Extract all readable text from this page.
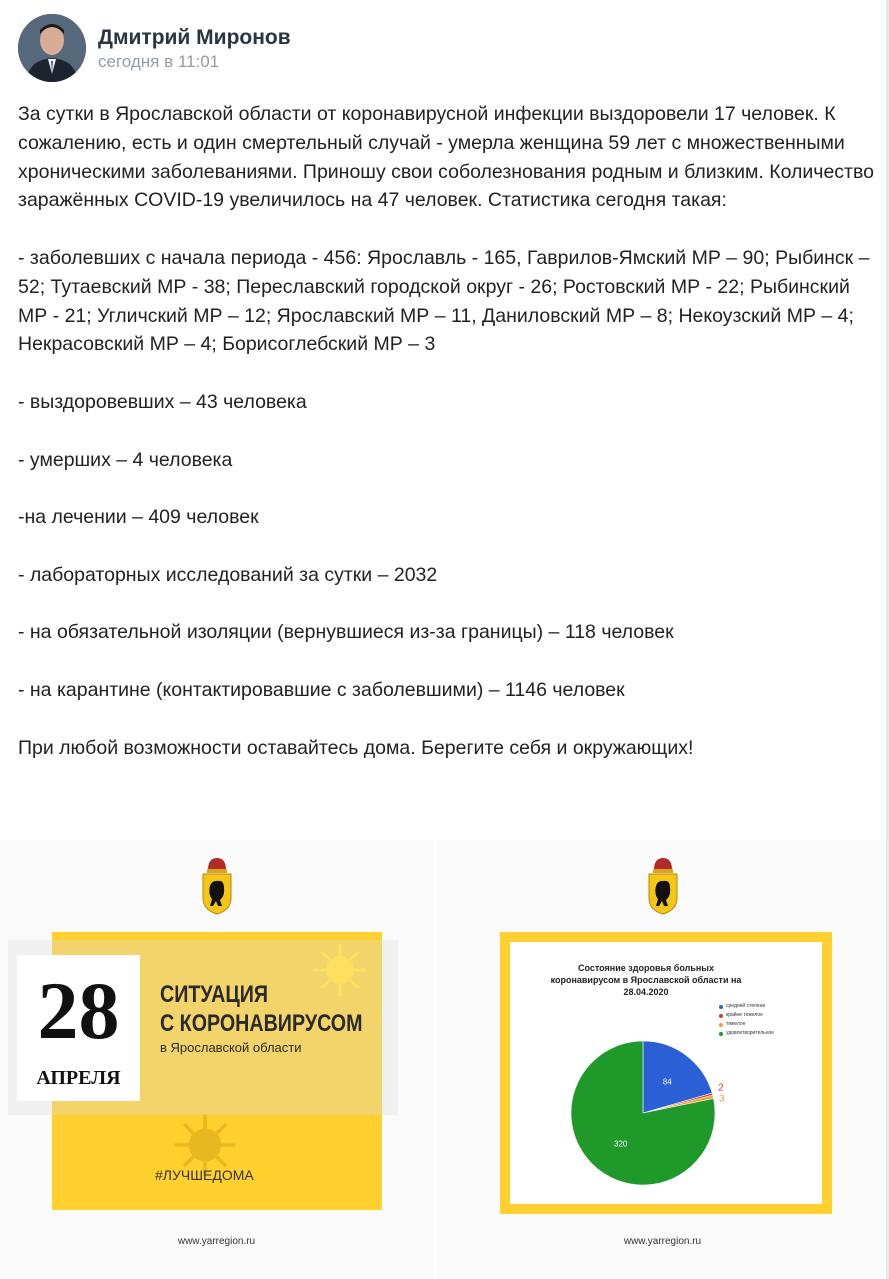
Дмитрий Миронов
сегодня в 11:01

За сутки в Ярославской области от коронавирусной инфекции выздоровели 17 человек. К сожалению, есть и один смертельный случай - умерла женщина 59 лет с множественными хроническими заболеваниями. Приношу свои соболезнования родным и близким. Количество заражённых COVID-19 увеличилось на 47 человек. Статистика сегодня такая:

- заболевших с начала периода - 456: Ярославль - 165, Гаврилов-Ямский МР – 90; Рыбинск – 52; Тутаевский МР - 38; Переславский городской округ - 26; Ростовский МР - 22; Рыбинский МР - 21; Угличский МР – 12; Ярославский МР – 11, Даниловский МР – 8; Некоузский МР – 4; Некрасовский МР – 4; Борисоглебский МР – 3

- выздоровевших – 43 человека

- умерших – 4 человека

-на лечении – 409 человек

- лабораторных исследований за сутки – 2032

- на обязательной изоляции (вернувшиеся из-за границы) – 118 человек

- на карантине (контактировавшие с заболевшими) – 1146 человек

При любой возможности оставайтесь дома. Берегите себя и окружающих!

28
АПРЕЛЯ
СИТУАЦИЯ
С КОРОНАВИРУСОМ
в Ярославской области
#ЛУЧШЕДОМА
www.yarregion.ru
Состояние здоровья больных коронавирусом в Ярославской области на 28.04.2020
средней степени
крайне тяжелое
тяжелое
удовлетворительное
84
2
3
320
www.yarregion.ru
